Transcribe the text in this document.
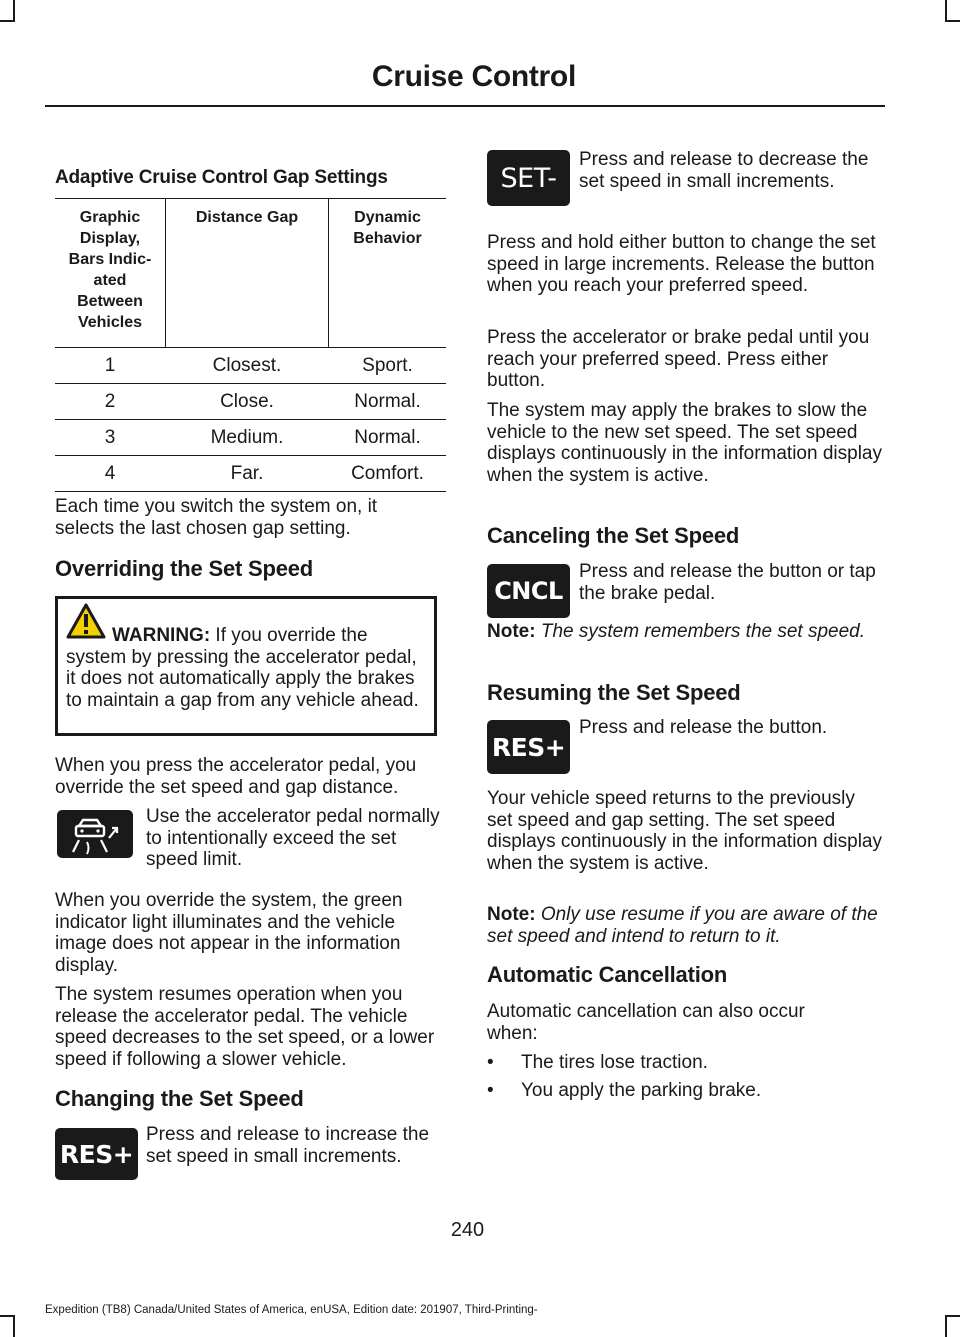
Cruise Control

Adaptive Cruise Control Gap Settings

Graphic Display, Bars Indic- ated Between Vehicles	Distance Gap	Dynamic Behavior
1	Closest.	Sport.
2	Close.	Normal.
3	Medium.	Normal.
4	Far.	Comfort.

Each time you switch the system on, it selects the last chosen gap setting.

Overriding the Set Speed

WARNING: If you override the system by pressing the accelerator pedal, it does not automatically apply the brakes to maintain a gap from any vehicle ahead.

When you press the accelerator pedal, you override the set speed and gap distance.

Use the accelerator pedal normally to intentionally exceed the set speed limit.

When you override the system, the green indicator light illuminates and the vehicle image does not appear in the information display.

The system resumes operation when you release the accelerator pedal. The vehicle speed decreases to the set speed, or a lower speed if following a slower vehicle.

Changing the Set Speed

RES+

Press and release to increase the set speed in small increments.

SET-

Press and release to decrease the set speed in small increments.

Press and hold either button to change the set speed in large increments. Release the button when you reach your preferred speed.

Press the accelerator or brake pedal until you reach your preferred speed. Press either button.

The system may apply the brakes to slow the vehicle to the new set speed. The set speed displays continuously in the information display when the system is active.

Canceling the Set Speed

CNCL

Press and release the button or tap the brake pedal.

Note: The system remembers the set speed.

Resuming the Set Speed

RES+

Press and release the button.

Your vehicle speed returns to the previously set speed and gap setting. The set speed displays continuously in the information display when the system is active.

Note: Only use resume if you are aware of the set speed and intend to return to it.

Automatic Cancellation

Automatic cancellation can also occur when:

• The tires lose traction.
• You apply the parking brake.
240
Expedition (TB8) Canada/United States of America, enUSA, Edition date: 201907, Third-Printing-
